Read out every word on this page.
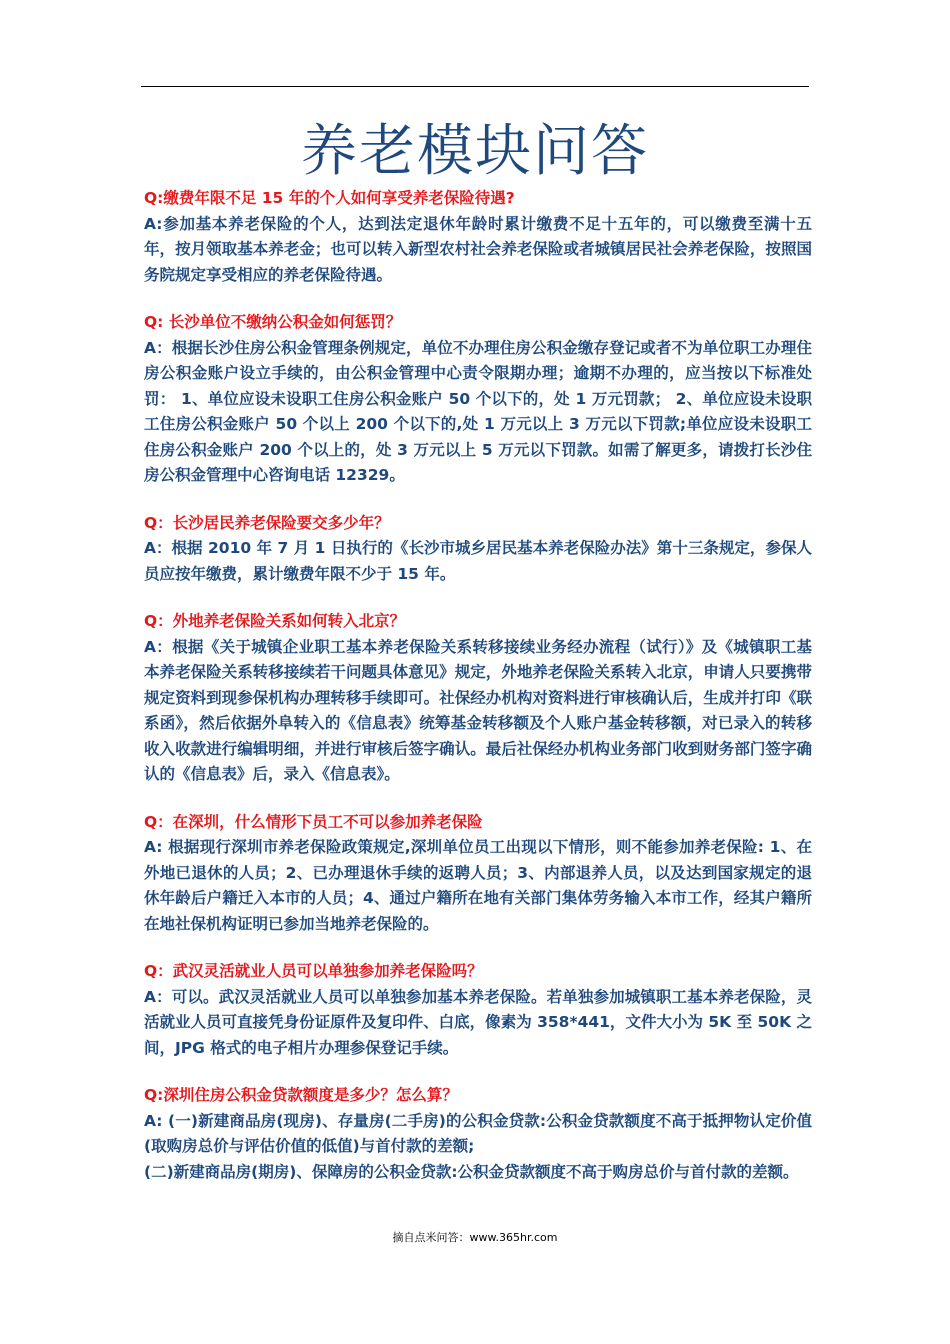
养老模块问答
Q:缴费年限不足 15 年的个人如何享受养老保险待遇?
A:参加基本养老保险的个人，达到法定退休年龄时累计缴费不足十五年的，可以缴费至满十五年，按月领取基本养老金；也可以转入新型农村社会养老保险或者城镇居民社会养老保险，按照国务院规定享受相应的养老保险待遇。
Q: 长沙单位不缴纳公积金如何惩罚？
A：根据长沙住房公积金管理条例规定，单位不办理住房公积金缴存登记或者不为单位职工办理住房公积金账户设立手续的，由公积金管理中心责令限期办理；逾期不办理的，应当按以下标准处罚： 1、单位应设未设职工住房公积金账户 50 个以下的，处 1 万元罚款； 2、单位应设未设职工住房公积金账户 50 个以上 200 个以下的,处 1 万元以上 3 万元以下罚款;单位应设未设职工住房公积金账户 200 个以上的，处 3 万元以上 5 万元以下罚款。如需了解更多，请拨打长沙住房公积金管理中心咨询电话 12329。
Q：长沙居民养老保险要交多少年？
A：根据 2010 年 7 月 1 日执行的《长沙市城乡居民基本养老保险办法》第十三条规定，参保人员应按年缴费，累计缴费年限不少于 15 年。
Q：外地养老保险关系如何转入北京？
A：根据《关于城镇企业职工基本养老保险关系转移接续业务经办流程（试行）》及《城镇职工基本养老保险关系转移接续若干问题具体意见》规定，外地养老保险关系转入北京，申请人只要携带规定资料到现参保机构办理转移手续即可。社保经办机构对资料进行审核确认后，生成并打印《联系函》，然后依据外阜转入的《信息表》统筹基金转移额及个人账户基金转移额，对已录入的转移收入收款进行编辑明细，并进行审核后签字确认。最后社保经办机构业务部门收到财务部门签字确认的《信息表》后，录入《信息表》。
Q：在深圳，什么情形下员工不可以参加养老保险
A: 根据现行深圳市养老保险政策规定,深圳单位员工出现以下情形，则不能参加养老保险: 1、在外地已退休的人员；2、已办理退休手续的返聘人员；3、内部退养人员，以及达到国家规定的退休年龄后户籍迁入本市的人员；4、通过户籍所在地有关部门集体劳务输入本市工作，经其户籍所在地社保机构证明已参加当地养老保险的。
Q：武汉灵活就业人员可以单独参加养老保险吗？
A：可以。武汉灵活就业人员可以单独参加基本养老保险。若单独参加城镇职工基本养老保险，灵活就业人员可直接凭身份证原件及复印件、白底，像素为 358*441，文件大小为 5K 至 50K 之间，JPG 格式的电子相片办理参保登记手续。
Q:深圳住房公积金贷款额度是多少？怎么算？
A: (一)新建商品房(现房)、存量房(二手房)的公积金贷款:公积金贷款额度不高于抵押物认定价值(取购房总价与评估价值的低值)与首付款的差额;
(二)新建商品房(期房)、保障房的公积金贷款:公积金贷款额度不高于购房总价与首付款的差额。
摘自点米问答：www.365hr.com
